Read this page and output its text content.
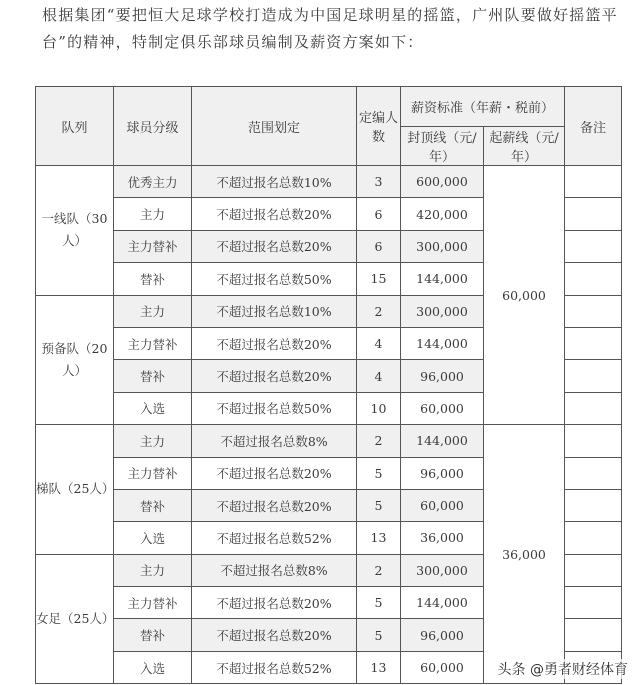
根据集团“要把恒大足球学校打造成为中国足球明星的摇篮，广州队要做好摇篮平台”的精神，特制定俱乐部球员编制及薪资方案如下：
队列	球员分级	范围划定	定编人数	薪资标准（年薪・税前）		备注
				封顶线（元/年）	起薪线（元/年）	
一线队（30人）	优秀主力	不超过报名总数10%	3	600,000	60,000	
	主力	不超过报名总数20%	6	420,000		
	主力替补	不超过报名总数20%	6	300,000		
	替补	不超过报名总数50%	15	144,000		
预备队（20人）	主力	不超过报名总数10%	2	300,000		
	主力替补	不超过报名总数20%	4	144,000		
	替补	不超过报名总数20%	4	96,000		
	入选	不超过报名总数50%	10	60,000		
梯队（25人）	主力	不超过报名总数8%	2	144,000	36,000	
	主力替补	不超过报名总数20%	5	96,000		
	替补	不超过报名总数20%	5	60,000		
	入选	不超过报名总数52%	13	36,000		
女足（25人）	主力	不超过报名总数8%	2	300,000		
	主力替补	不超过报名总数20%	5	144,000		
	替补	不超过报名总数20%	5	96,000		
	入选	不超过报名总数52%	13	60,000		头条 @勇者财经体育
